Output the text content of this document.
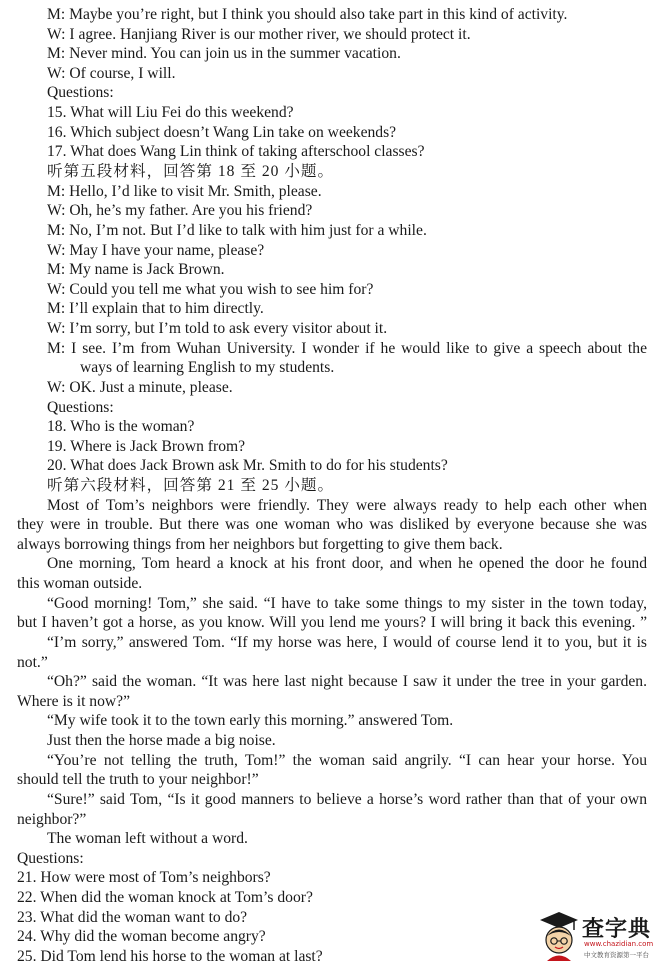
M: Maybe you’re right, but I think you should also take part in this kind of activity.
W: I agree. Hanjiang River is our mother river, we should protect it.
M: Never mind. You can join us in the summer vacation.
W: Of course, I will.
Questions:
15. What will Liu Fei do this weekend?
16. Which subject doesn’t Wang Lin take on weekends?
17. What does Wang Lin think of taking afterschool classes?
听第五段材料，回答第 18 至 20 小题。
M: Hello, I’d like to visit Mr. Smith, please.
W: Oh, he’s my father. Are you his friend?
M: No, I’m not. But I’d like to talk with him just for a while.
W: May I have your name, please?
M: My name is Jack Brown.
W: Could you tell me what you wish to see him for?
M: I’ll explain that to him directly.
W: I’m sorry, but I’m told to ask every visitor about it.
M: I see. I’m from Wuhan University. I wonder if he would like to give a speech about the
ways of learning English to my students.
W: OK. Just a minute, please.
Questions:
18. Who is the woman?
19. Where is Jack Brown from?
20. What does Jack Brown ask Mr. Smith to do for his students?
听第六段材料，回答第 21 至 25 小题。
Most of Tom’s neighbors were friendly. They were always ready to help each other when
they were in trouble. But there was one woman who was disliked by everyone because she was
always borrowing things from her neighbors but forgetting to give them back.
One morning, Tom heard a knock at his front door, and when he opened the door he found
this woman outside.
“Good morning! Tom,” she said. “I have to take some things to my sister in the town today,
but I haven’t got a horse, as you know. Will you lend me yours? I will bring it back this evening. ”
“I’m sorry,” answered Tom. “If my horse was here, I would of course lend it to you, but it is
not.”
“Oh?” said the woman. “It was here last night because I saw it under the tree in your garden.
Where is it now?”
“My wife took it to the town early this morning.” answered Tom.
Just then the horse made a big noise.
“You’re not telling the truth, Tom!” the woman said angrily. “I can hear your horse. You
should tell the truth to your neighbor!”
“Sure!” said Tom, “Is it good manners to believe a horse’s word rather than that of your own
neighbor?”
The woman left without a word.
Questions:
21. How were most of Tom’s neighbors?
22. When did the woman knock at Tom’s door?
23. What did the woman want to do?
24. Why did the woman become angry?
25. Did Tom lend his horse to the woman at last?
查字典
www.chazidian.com
中文教育资源第一平台
